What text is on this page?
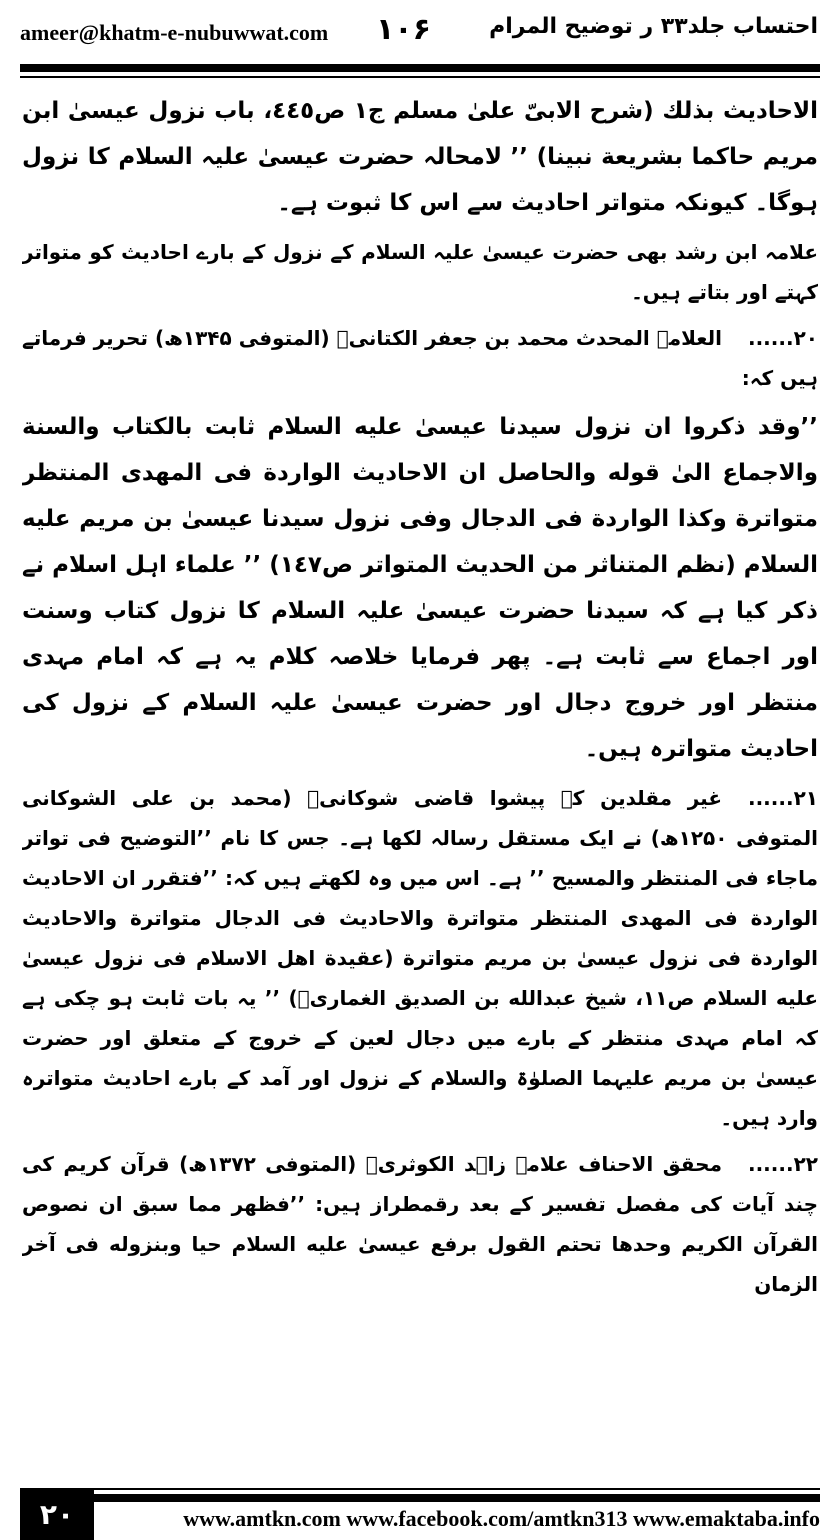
ameer@khatm-e-nubuwwat.com ۱۰۶	احتساب جلد۳۳ ر توضیح المرام

الاحاديث بذلك (شرح الابیّ علیٰ مسلم ج۱ ص٤٤٥، باب نزول عيسیٰ ابن مريم حاكما بشريعة نبينا) ’’ لامحالہ حضرت عیسیٰ علیہ السلام کا نزول ہوگا۔ کیونکہ متواتر احادیث سے اس کا ثبوت ہے۔

علامہ ابن رشد بھی حضرت عیسیٰ علیہ السلام کے نزول کے بارے احادیث کو متواتر کہتے اور بتاتے ہیں۔

۲۰......العلامہ المحدث محمد بن جعفر الکتانیؒ (المتوفی ۱۳۴۵ھ) تحریر فرماتے ہیں کہ:

’’وقد ذكروا ان نزول سيدنا عيسیٰ عليه السلام ثابت بالكتاب والسنة والاجماع الیٰ قوله والحاصل ان الاحاديث الواردة فی المهدی المنتظر متواترة وكذا الواردة فی الدجال وفی نزول سيدنا عيسیٰ بن مريم عليه السلام (نظم المتناثر من الحديث المتواتر ص١٤٧) ’’ علماء اہل اسلام نے ذکر کیا ہے کہ سیدنا حضرت عیسیٰ علیہ السلام کا نزول کتاب وسنت اور اجماع سے ثابت ہے۔ پھر فرمایا خلاصہ کلام یہ ہے کہ امام مہدی منتظر اور خروج دجال اور حضرت عیسیٰ علیہ السلام کے نزول کی احادیث متواترہ ہیں۔

۲۱......غیر مقلدین کے پیشوا قاضی شوکانیؒ (محمد بن علی الشوکانی المتوفی ۱۲۵۰ھ) نے ایک مستقل رسالہ لکھا ہے۔ جس کا نام ’’التوضيح فی تواتر ماجاء فی المنتظر والمسيح ’’ ہے۔ اس میں وہ لکھتے ہیں کہ: ’’فتقرر ان الاحاديث الواردة فی المهدی المنتظر متواترة والاحاديث فی الدجال متواترة والاحاديث الواردة فی نزول عيسیٰ بن مريم متواترة (عقيدة اهل الاسلام فی نزول عيسیٰ عليه السلام ص١١، شيخ عبدالله بن الصديق الغماریؒ) ’’ یہ بات ثابت ہو چکی ہے کہ امام مہدی منتظر کے بارے میں دجال لعین کے خروج کے متعلق اور حضرت عیسیٰ بن مریم علیہما الصلوٰۃ والسلام کے نزول اور آمد کے بارے احادیث متواترہ وارد ہیں۔

۲۲......محقق الاحناف علامہ زاہد الکوثریؒ (المتوفی ۱۳۷۲ھ) قرآن کریم کی چند آیات کی مفصل تفسیر کے بعد رقمطراز ہیں: ’’فظهر مما سبق ان نصوص القرآن الكريم وحدها تحتم القول برفع عيسیٰ عليه السلام حيا وبنزوله فی آخر الزمان

۲۰	www.amtkn.com www.facebook.com/amtkn313 www.emaktaba.info
